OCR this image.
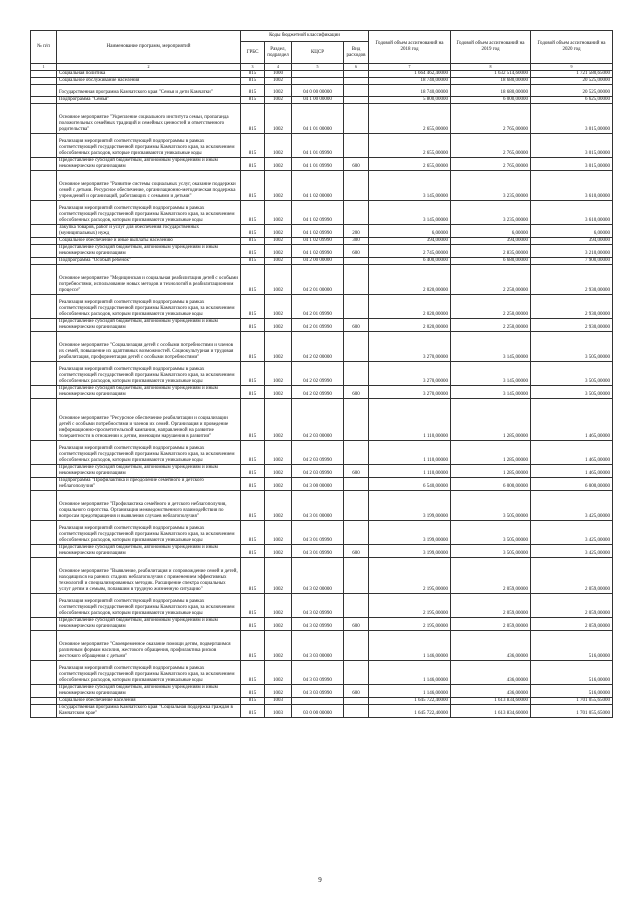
№ п/п	Наименование программ, мероприятий	Коды бюджетной классификации				Годовой объем ассигнований на 2018 год	Годовой объем ассигнований на 2019 год	Годовой объем ассигнований на 2020 год
		ГРБС	Раздел, подраздел	КЦСР	Вид расходов			
1	2	3	4	5	6	7	8	9
	Социальная политика	815	1000			1 664 462,40000	1 632 514,60000	1 721 580,65000
	Социальное обслуживание населения	815	1002			18 740,00000	18 680,00000	20 525,00000
	Государственная программа Камчатского края "Семья и дети Камчатки"	815	1002	04 0 00 00000		18 740,00000	18 680,00000	20 525,00000
	Подпрограмма "Семья"	815	1002	04 1 00 00000		5 800,00000	6 000,00000	6 625,00000
	Основное мероприятие "Укрепление социального института семьи, пропаганда положительных семейных традиций и семейных ценностей и ответственного родительства"	815	1002	04 1 01 00000		2 655,00000	2 765,00000	3 015,00000
	Реализация мероприятий соответствующей подпрограммы в рамках соответствующей государственной программы Камчатского края, за исключением обособленных расходов, которые присваиваются уникальные коды	815	1002	04 1 01 09990		2 655,00000	2 765,00000	3 015,00000
	Предоставление субсидий бюджетным, автономным учреждениям и иным некоммерческим организациям	815	1002	04 1 01 09990	600	2 655,00000	2 765,00000	3 015,00000
	Основное мероприятие "Развитие системы социальных услуг, оказание поддержки семей с детьми. Ресурсное обеспечение, организационно-методическая поддержка учреждений и организаций, работающих с семьями и детьми"	815	1002	04 1 02 00000		3 145,00000	3 235,00000	3 610,00000
	Реализация мероприятий соответствующей подпрограммы в рамках соответствующей государственной программы Камчатского края, за исключением обособленных расходов, которым присваиваются уникальные коды	815	1002	04 1 02 09990		3 145,00000	3 235,00000	3 610,00000
	Закупка товаров, работ и услуг для обеспечения государственных (муниципальных) нужд	815	1002	04 1 02 09990	200	6,00000	6,00000	6,00000
	Социальное обеспечение и иные выплаты населению	815	1002	04 1 02 09990	300	394,00000	394,00000	394,00000
	Предоставление субсидий бюджетным, автономным учреждениям и иным некоммерческим организациям	815	1002	04 1 02 09990	600	2 745,00000	2 835,00000	3 210,00000
	Подпрограмма "Особый ребенок"	815	1002	04 2 00 00000		6 400,00000	6 680,00000	7 900,00000
	Основное мероприятие "Медицинская и социальная реабилитация детей с особыми потребностями, использование новых методов и технологий в реабилитационном процессе"	815	1002	04 2 01 00000		2 020,00000	2 250,00000	2 930,00000
	Реализация мероприятий соответствующей подпрограммы в рамках соответствующей государственной программы Камчатского края, за исключением обособленных расходов, которым присваиваются уникальные коды	815	1002	04 2 01 09990		2 020,00000	2 250,00000	2 930,00000
	Предоставление субсидий бюджетным, автономным учреждениям и иным некоммерческим организациям	815	1002	04 2 01 09990	600	2 020,00000	2 250,00000	2 930,00000
	Основное мероприятие "Социализация детей с особыми потребностями и членов их семей, повышение их адаптивных возможностей. Социокультурная и трудовая реабилитация, профориентация детей с особыми потребностями"	815	1002	04 2 02 00000		3 270,00000	3 145,00000	3 505,00000
	Реализация мероприятий соответствующей подпрограммы в рамках соответствующей государственной программы Камчатского края, за исключением обособленных расходов, которым присваиваются уникальные коды	815	1002	04 2 02 09990		3 270,00000	3 145,00000	3 505,00000
	Предоставление субсидий бюджетным, автономным учреждениям и иным некоммерческим организациям	815	1002	04 2 02 09990	600	3 270,00000	3 145,00000	3 505,00000
	Основное мероприятие "Ресурсное обеспечение реабилитации и социализации детей с особыми потребностями и членов их семей. Организация и проведение информационно-просветительской кампании, направленной на развитие толерантности в отношении к детям, имеющим нарушения в развитии"	815	1002	04 2 03 00000		1 110,00000	1 285,00000	1 465,00000
	Реализация мероприятий соответствующей подпрограммы в рамках соответствующей государственной программы Камчатского края, за исключением обособленных расходов, которым присваиваются уникальные коды	815	1002	04 2 03 09990		1 110,00000	1 285,00000	1 465,00000
	Предоставление субсидий бюджетным, автономным учреждениям и иным некоммерческим организациям	815	1002	04 2 03 09990	600	1 110,00000	1 285,00000	1 465,00000
	Подпрограмма "Профилактика и преодоление семейного и детского неблагополучия"	815	1002	04 3 00 00000		6 540,00000	6 000,00000	6 000,00000
	Основное мероприятие "Профилактика семейного и детского неблагополучия, социального сиротства. Организация межведомственного взаимодействия по вопросам предотвращения и выявления случаев неблагополучия"	815	1002	04 3 01 00000		3 199,00000	3 505,00000	3 425,00000
	Реализация мероприятий соответствующей подпрограммы в рамках соответствующей государственной программы Камчатского края, за исключением обособленных расходов, которым присваиваются уникальные коды	815	1002	04 3 01 09990		3 199,00000	3 505,00000	3 425,00000
	Предоставление субсидий бюджетным, автономным учреждениям и иным некоммерческим организациям	815	1002	04 3 01 09990	600	3 199,00000	3 505,00000	3 425,00000
	Основное мероприятие "Выявление, реабилитация и сопровождение семей и детей, находящихся на ранних стадиях неблагополучия с применением эффективных технологий и специализированных методик. Расширение спектра социальных услуг детям и семьям, попавшим в трудную жизненную ситуацию"	815	1002	04 3 02 00000		2 195,00000	2 059,00000	2 059,00000
	Реализация мероприятий соответствующей подпрограммы в рамках соответствующей государственной программы Камчатского края, за исключением обособленных расходов, которым присваиваются уникальные коды	815	1002	04 3 02 09990		2 195,00000	2 059,00000	2 059,00000
	Предоставление субсидий бюджетным, автономным учреждениям и иным некоммерческим организациям	815	1002	04 3 02 09990	600	2 195,00000	2 059,00000	2 059,00000
	Основное мероприятие "Своевременное оказание помощи детям, подвергшимся различным формам насилия, жестокого обращения, профилактика рисков жестокого обращения с детьми"	815	1002	04 3 03 00000		1 146,00000	436,00000	516,00000
	Реализация мероприятий соответствующей подпрограммы в рамках соответствующей государственной программы Камчатского края, за исключением обособленных расходов, которым присваиваются уникальные коды	815	1002	04 3 03 09990		1 146,00000	436,00000	516,00000
	Предоставление субсидий бюджетным, автономным учреждениям и иным некоммерческим организациям	815	1002	04 3 03 09990	600	1 146,00000	436,00000	516,00000
	Социальное обеспечение населения	815	1003			1 645 722,40000	1 613 834,60000	1 701 055,65000
	Государственная программа Камчатского края "Социальная поддержка граждан в Камчатском крае"	815	1003	03 0 00 00000		1 645 722,40000	1 613 834,60000	1 701 055,65000
9
